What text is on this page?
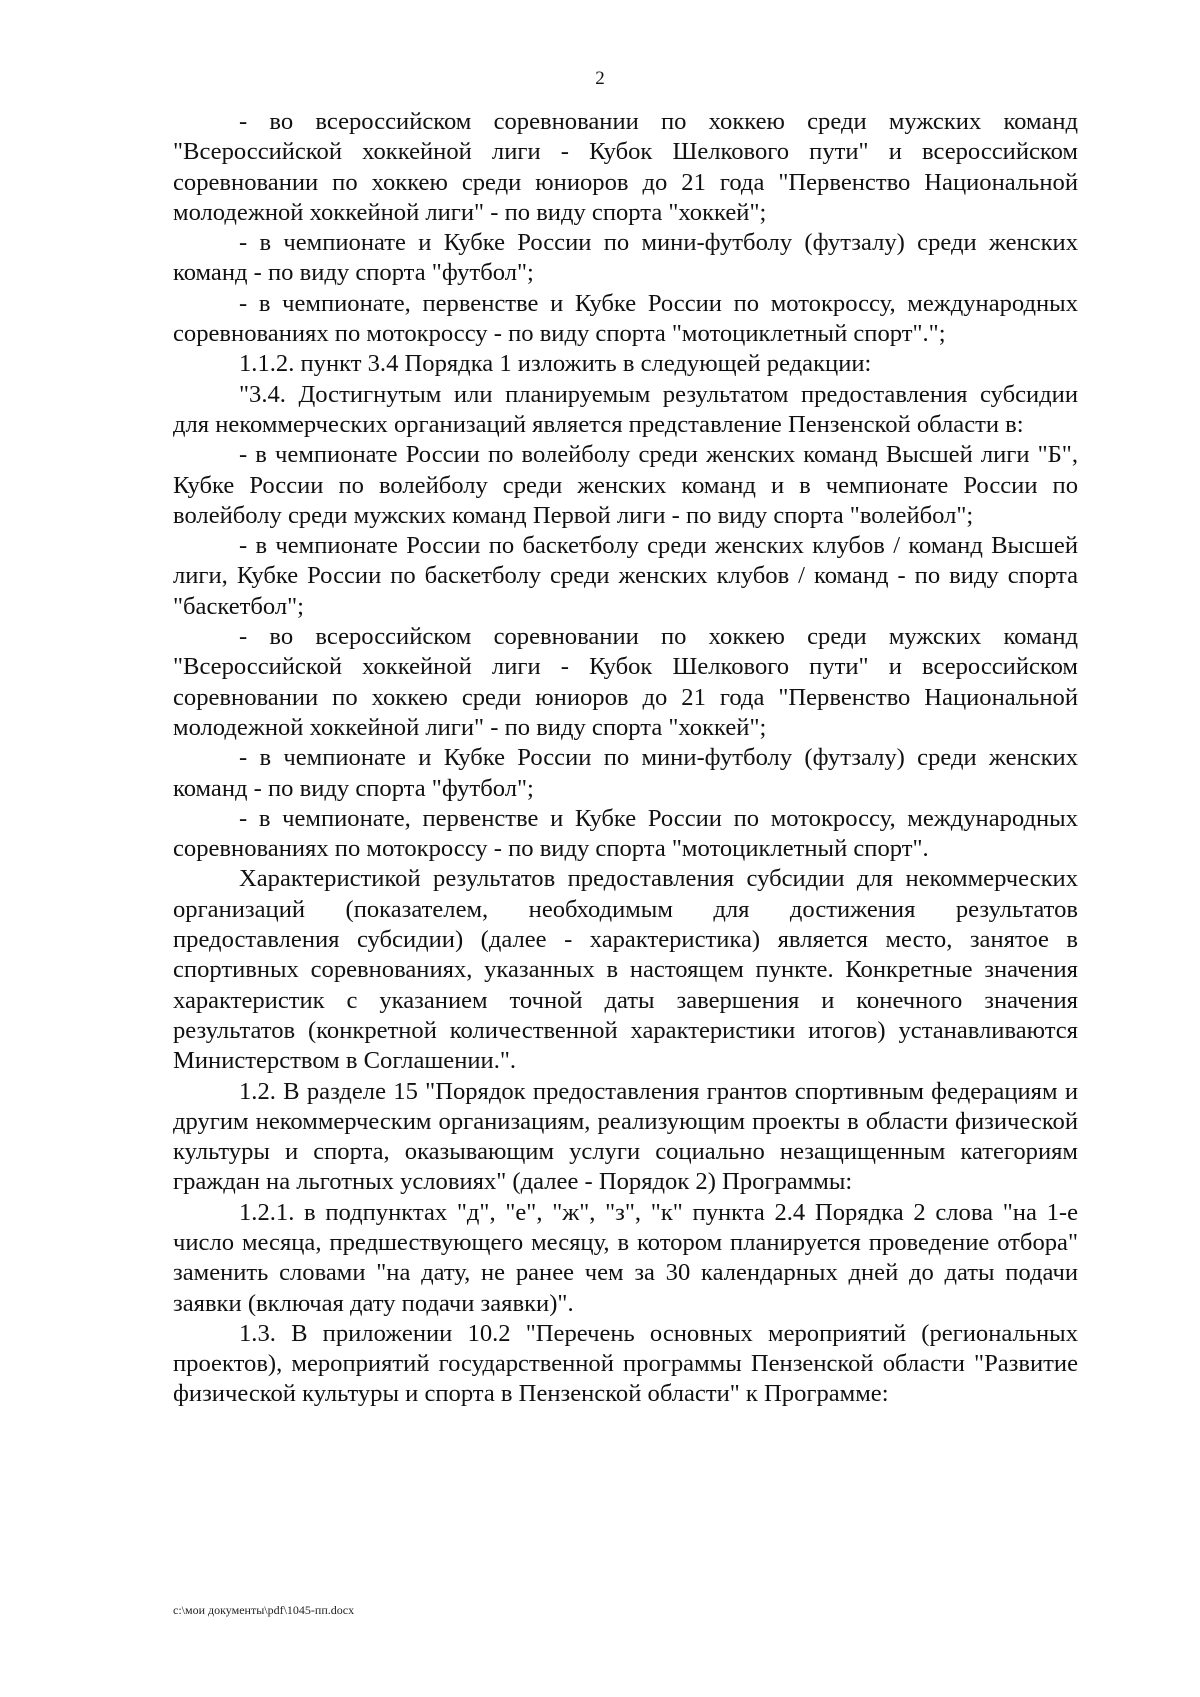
2

- во всероссийском соревновании по хоккею среди мужских команд "Всероссийской хоккейной лиги - Кубок Шелкового пути" и всероссийском соревновании по хоккею среди юниоров до 21 года "Первенство Национальной молодежной хоккейной лиги" - по виду спорта "хоккей";

- в чемпионате и Кубке России по мини-футболу (футзалу) среди женских команд - по виду спорта "футбол";

- в чемпионате, первенстве и Кубке России по мотокроссу, международных соревнованиях по мотокроссу - по виду спорта "мотоциклетный спорт".";

1.1.2. пункт 3.4 Порядка 1 изложить в следующей редакции:

"3.4. Достигнутым или планируемым результатом предоставления субсидии для некоммерческих организаций является представление Пензенской области в:

- в чемпионате России по волейболу среди женских команд Высшей лиги "Б", Кубке России по волейболу среди женских команд и в чемпионате России по волейболу среди мужских команд Первой лиги - по виду спорта "волейбол";

- в чемпионате России по баскетболу среди женских клубов / команд Высшей лиги, Кубке России по баскетболу среди женских клубов / команд - по виду спорта "баскетбол";

- во всероссийском соревновании по хоккею среди мужских команд "Всероссийской хоккейной лиги - Кубок Шелкового пути" и всероссийском соревновании по хоккею среди юниоров до 21 года "Первенство Национальной молодежной хоккейной лиги" - по виду спорта "хоккей";

- в чемпионате и Кубке России по мини-футболу (футзалу) среди женских команд - по виду спорта "футбол";

- в чемпионате, первенстве и Кубке России по мотокроссу, международных соревнованиях по мотокроссу - по виду спорта "мотоциклетный спорт".

Характеристикой результатов предоставления субсидии для некоммерческих организаций (показателем, необходимым для достижения результатов предоставления субсидии) (далее - характеристика) является место, занятое в спортивных соревнованиях, указанных в настоящем пункте. Конкретные значения характеристик с указанием точной даты завершения и конечного значения результатов (конкретной количественной характеристики итогов) устанавливаются Министерством в Соглашении.".

1.2. В разделе 15 "Порядок предоставления грантов спортивным федерациям и другим некоммерческим организациям, реализующим проекты в области физической культуры и спорта, оказывающим услуги социально незащищенным категориям граждан на льготных условиях" (далее - Порядок 2) Программы:

1.2.1. в подпунктах "д", "е", "ж", "з", "к" пункта 2.4 Порядка 2 слова "на 1-е число месяца, предшествующего месяцу, в котором планируется проведение отбора" заменить словами "на дату, не ранее чем за 30 календарных дней до даты подачи заявки (включая дату подачи заявки)".

1.3. В приложении 10.2 "Перечень основных мероприятий (региональных проектов), мероприятий государственной программы Пензенской области "Развитие физической культуры и спорта в Пензенской области" к Программе:

c:\мои документы\pdf\1045-пп.docx
